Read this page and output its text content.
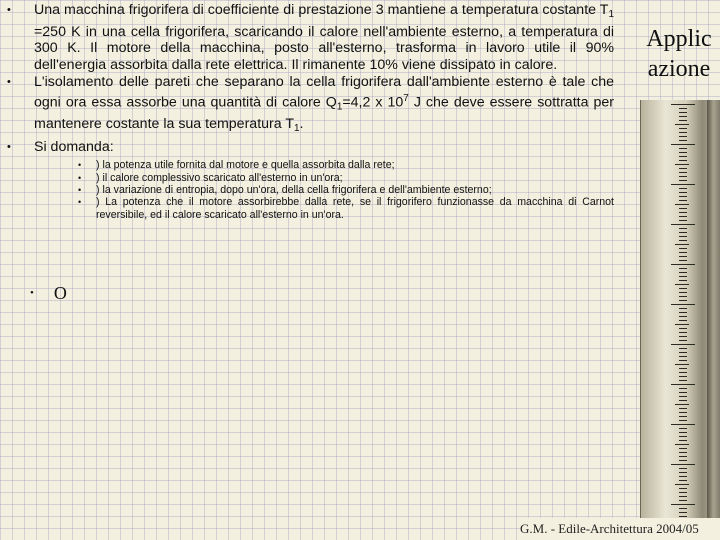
• Una macchina frigorifera di coefficiente di prestazione 3 mantiene a temperatura costante $T_1 =250$ K in una cella frigorifera, scaricando il calore nell'ambiente esterno, a temperatura di 300 K. Il motore della macchina, posto all'esterno, trasforma in lavoro utile il 90% dell'energia assorbita dalla rete elettrica. Il rimanente 10% viene dissipato in calore.
• L'isolamento delle pareti che separano la cella frigorifera dall'ambiente esterno è tale che ogni ora essa assorbe una quantità di calore $Q_1=4,2$ x $10^7$ J che deve essere sottratta per mantenere costante la sua temperatura $T_1$.
• Si domanda:
• ) la potenza utile fornita dal motore e quella assorbita dalla rete;
• ) il calore complessivo scaricato all'esterno in un'ora;
• ) la variazione di entropia, dopo un'ora, della cella frigorifera e dell'ambiente esterno;
• ) La potenza che il motore assorbirebbe dalla rete, se il frigorifero funzionasse da macchina di Carnot reversibile, ed il calore scaricato all'esterno in un'ora.
• O
Applic azione
G.M. - Edile-Architettura 2004/05
